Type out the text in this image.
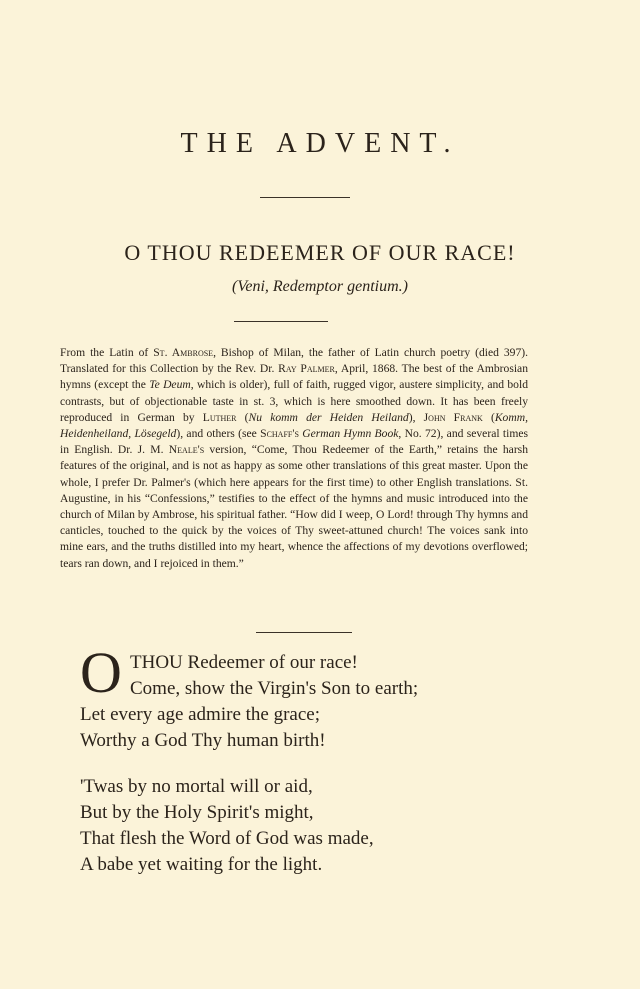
THE ADVENT.
O THOU REDEEMER OF OUR RACE!
(Veni, Redemptor gentium.)
From the Latin of St. Ambrose, Bishop of Milan, the father of Latin church poetry (died 397). Translated for this Collection by the Rev. Dr. Ray Palmer, April, 1868. The best of the Ambrosian hymns (except the Te Deum, which is older), full of faith, rugged vigor, austere simplicity, and bold contrasts, but of objectionable taste in st. 3, which is here smoothed down. It has been freely reproduced in German by Luther (Nu komm der Heiden Heiland), John Frank (Komm, Heidenheiland, Lösegeld), and others (see Schaff's German Hymn Book, No. 72), and several times in English. Dr. J. M. Neale's version, “Come, Thou Redeemer of the Earth,” retains the harsh features of the original, and is not as happy as some other translations of this great master. Upon the whole, I prefer Dr. Palmer's (which here appears for the first time) to other English translations. St. Augustine, in his “Confessions,” testifies to the effect of the hymns and music introduced into the church of Milan by Ambrose, his spiritual father. “How did I weep, O Lord! through Thy hymns and canticles, touched to the quick by the voices of Thy sweet-attuned church! The voices sank into mine ears, and the truths distilled into my heart, whence the affections of my devotions overflowed; tears ran down, and I rejoiced in them.”
O THOU Redeemer of our race!
Come, show the Virgin's Son to earth;
Let every age admire the grace;
Worthy a God Thy human birth!
'Twas by no mortal will or aid,
But by the Holy Spirit's might,
That flesh the Word of God was made,
A babe yet waiting for the light.
